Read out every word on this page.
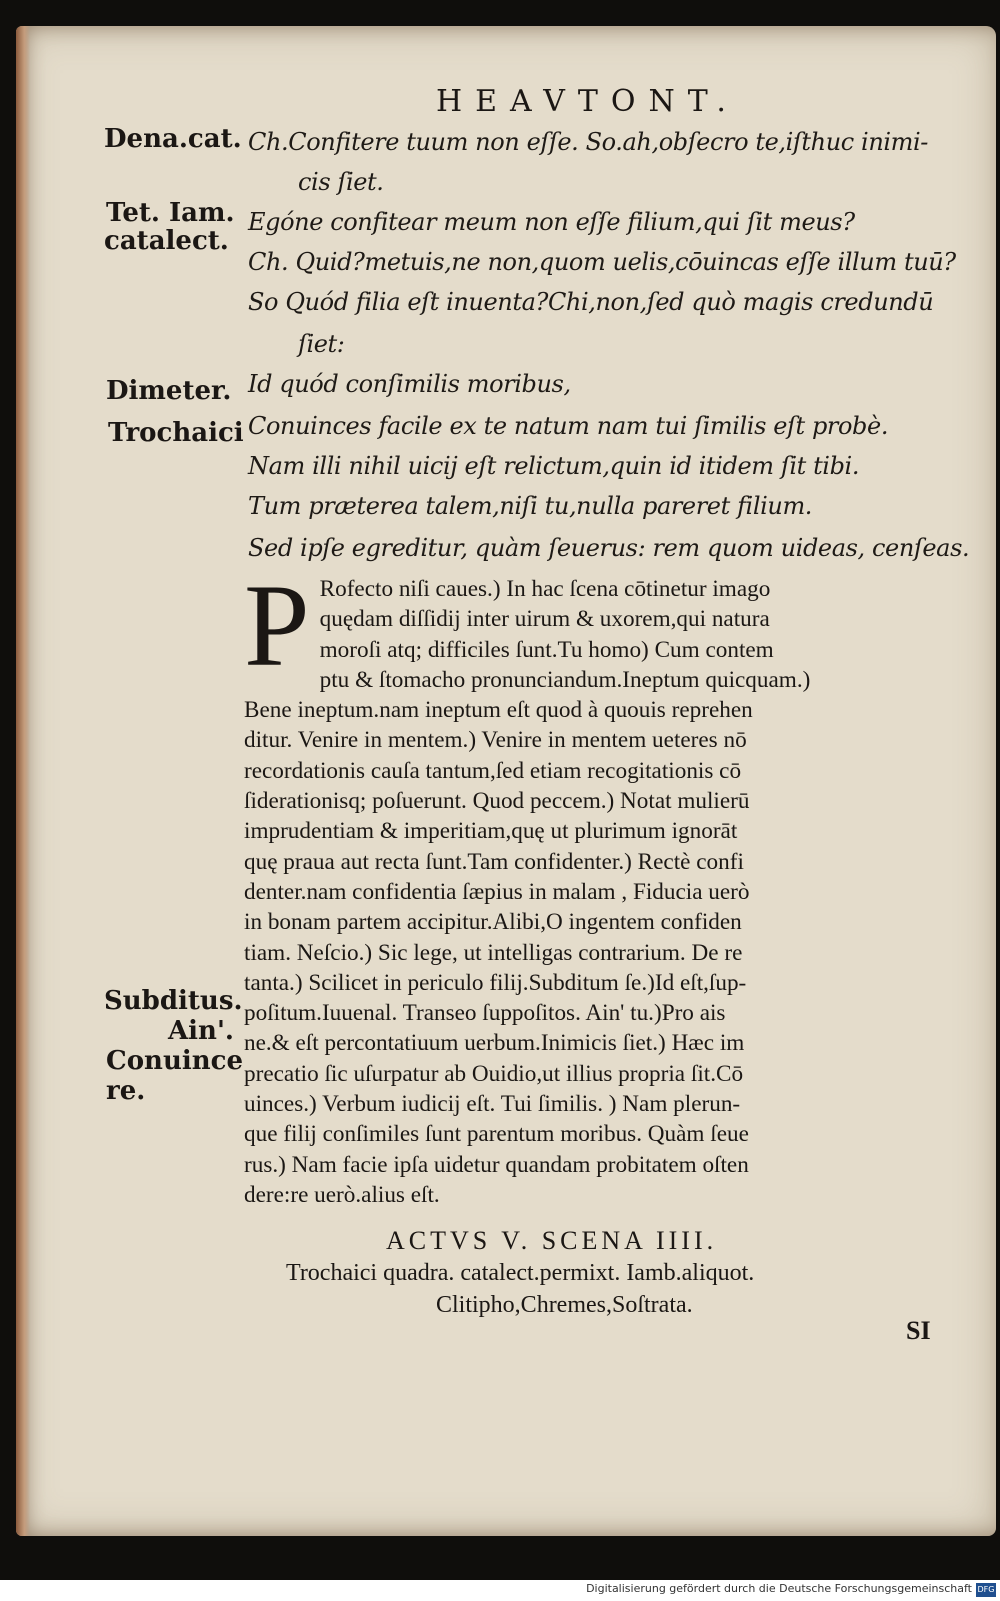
HEAVTONT.
Dena.cat.
Tet. Iam.
catalect.
Dimeter.
Trochaici
Subditus.
Ain'.
Conuince
re.
Ch.Confitere tuum non eſſe. So.ah,obſecro te,iſthuc inimi-
cis ſiet.
Egóne confitear meum non eſſe filium,qui ſit meus?
Ch. Quid?metuis,ne non,quom uelis,cōuincas eſſe illum tuū?
So Quód filia eſt inuenta?Chi,non,ſed quò magis credundū
ſiet:
Id quód conſimilis moribus,
Conuinces facile ex te natum nam tui ſimilis eſt probè.
Nam illi nihil uicij eſt relictum,quin id itidem ſit tibi.
Tum præterea talem,niſi tu,nulla pareret filium.
Sed ipſe egreditur, quàm ſeuerus: rem quom uideas, cenſeas.
P Rofecto niſi caues.) In hac ſcena cōtinetur imago
quędam diſſidij inter uirum & uxorem,qui natura
moroſi atq; difficiles ſunt.Tu homo) Cum contem
ptu & ſtomacho pronunciandum.Ineptum quicquam.)
Bene ineptum.nam ineptum eſt quod à quouis reprehen
ditur. Venire in mentem.) Venire in mentem ueteres nō
recordationis cauſa tantum,ſed etiam recogitationis cō
ſiderationisq; poſuerunt. Quod peccem.) Notat mulierū
imprudentiam & imperitiam,quę ut plurimum ignorāt
quę praua aut recta ſunt.Tam confidenter.) Rectè confi
denter.nam confidentia ſæpius in malam , Fiducia uerò
in bonam partem accipitur.Alibi,O ingentem confiden
tiam. Neſcio.) Sic lege, ut intelligas contrarium. De re
tanta.) Scilicet in periculo filij.Subditum ſe.)Id eſt,ſup-
poſitum.Iuuenal. Transeo ſuppoſitos. Ain' tu.)Pro ais
ne.& eſt percontatiuum uerbum.Inimicis ſiet.) Hæc im
precatio ſic uſurpatur ab Ouidio,ut illius propria ſit.Cō
uinces.) Verbum iudicij eſt. Tui ſimilis. ) Nam plerun-
que filij conſimiles ſunt parentum moribus. Quàm ſeue
rus.) Nam facie ipſa uidetur quandam probitatem oſten
dere:re uerò.alius eſt.
ACTVS V. SCENA IIII.
Trochaici quadra. catalect.permixt. Iamb.aliquot.
Clitipho,Chremes,Soſtrata.
SI
Digitalisierung gefördert durch die Deutsche Forschungsgemeinschaft DFG
